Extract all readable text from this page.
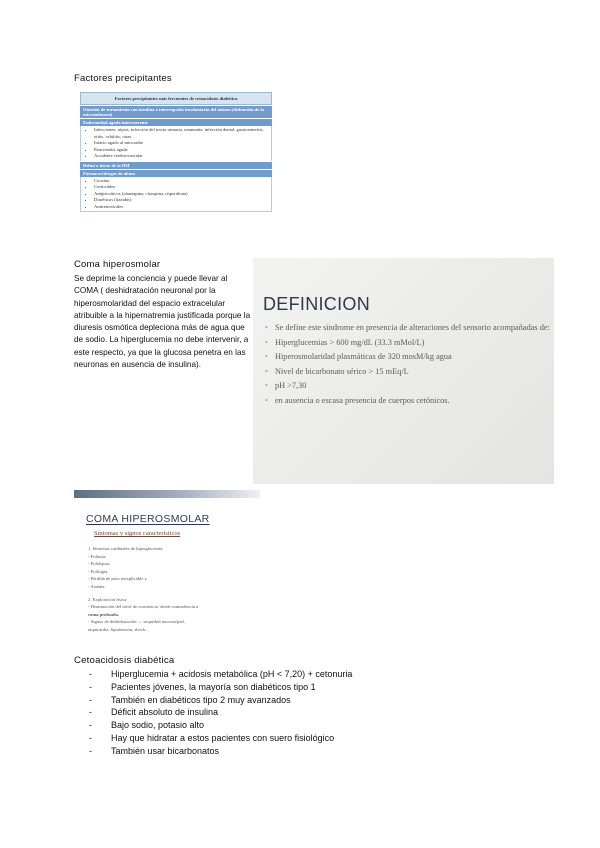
Factores precipitantes
Factores precipitantes más frecuentes de cetoacidosis diabética
Omisión de tratamiento con insulina o interrupción involuntaria del mismo (disfunción de la microinfusora)
Enfermedad aguda intercurrente
• Infecciones: sépsis, infección del tracto urinario, neumonía, infección dental, gastroenteritis, otitis, celulitis, otras
• Infarto agudo al miocardio
• Pancreatitis aguda
• Accidente cerebrovascular
Debut o inicio de la DM
Fármacos/drogas de abuso
• Cocaína
• Corticoides
• Antipsicóticos (olanzapina, clozapina, risperidona)
• Diuréticos (tiazidas)
• Antiretrovirales
Coma hiperosmolar
Se deprime la conciencia y puede llevar al COMA ( deshidratación neuronal por la hiperosmolaridad del espacio extracelular atribuible a la hipernatremia justificada porque la diuresis osmótica depleciona más de agua que de sodio. La hiperglucemia no debe intervenir, a este respecto, ya que la glucosa penetra en las neuronas en ausencia de insulina).
DEFINICION
• Se define este síndrome en presencia de alteraciones del sensorio acompañadas de:
• Hiperglucemias > 600 mg/dL (33.3 mMol/L)
• Hiperosmolaridad plasmáticas de 320 mosM/kg agua
• Nivel de bicarbonato sérico > 15 mEq/L
• pH >7,30
• en ausencia o escasa presencia de cuerpos cetónicos.
COMA HIPEROSMOLAR
Síntomas y signos característicos
1. Síntomas cardinales de hiperglucemia:
- Poliuria,
- Polidipsia,
- Polifagia,
- Pérdida de peso inexplicable y
- Astenia.
2. Exploración física:
- Disminución del nivel de conciencia, desde somnolencia a
coma profundo.
- Signos de deshidratación → sequedad mucosa/piel,
taquicardia, hipotensión, shock...
Cetoacidosis diabética
- Hiperglucemia + acidosis metabólica (pH < 7,20) + cetonuria
- Pacientes jóvenes, la mayoría son diabéticos tipo 1
- También en diabéticos tipo 2 muy avanzados
- Déficit absoluto de insulina
- Bajo sodio, potasio alto
- Hay que hidratar a estos pacientes con suero fisiológico
- También usar bicarbonatos
